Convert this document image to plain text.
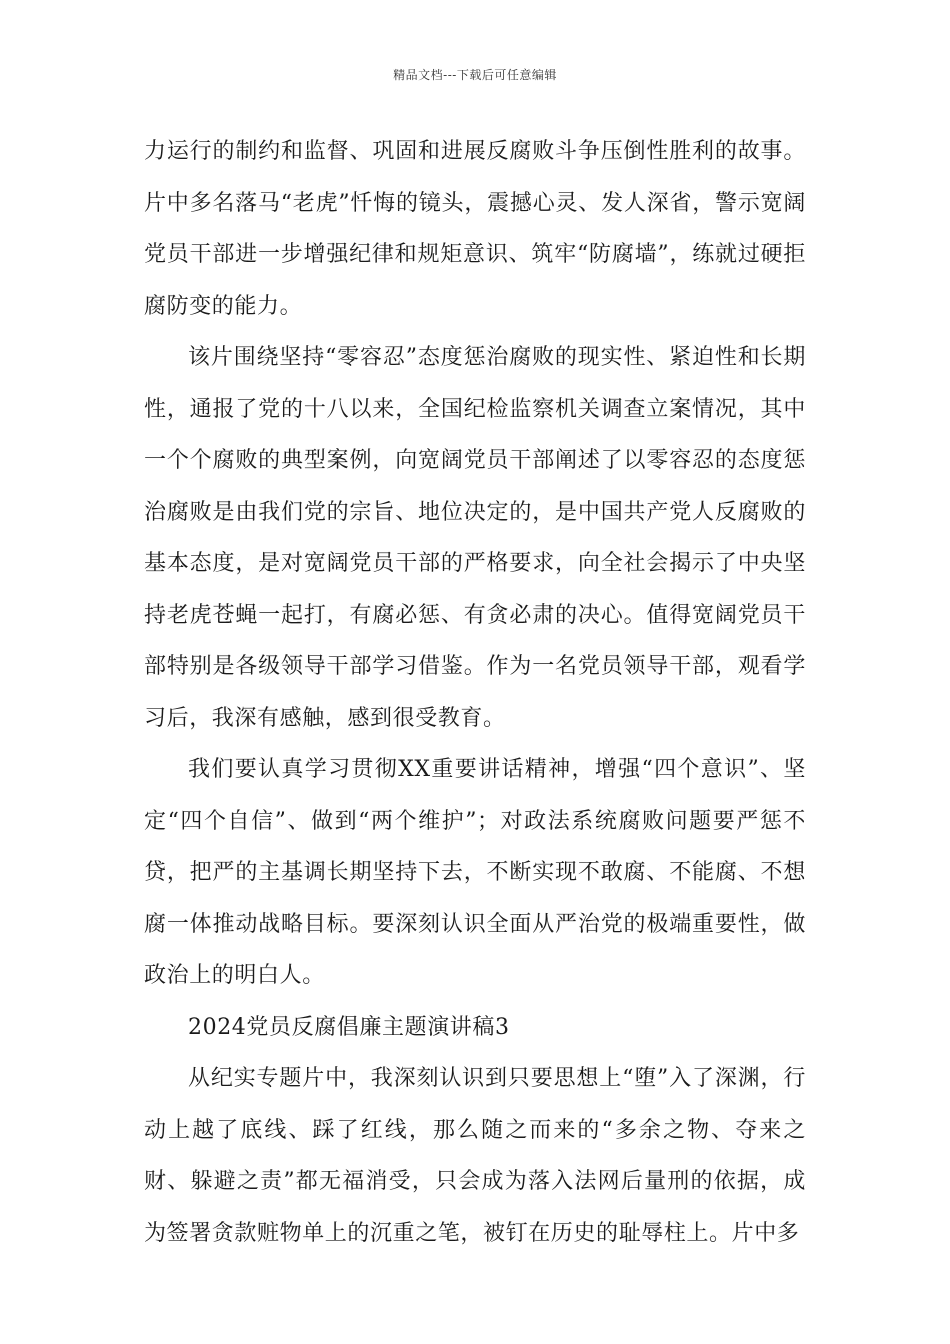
精品文档---下载后可任意编辑

力运行的制约和监督、巩固和进展反腐败斗争压倒性胜利的故事。片中多名落马“老虎”忏悔的镜头，震撼心灵、发人深省，警示宽阔党员干部进一步增强纪律和规矩意识、筑牢“防腐墙”，练就过硬拒腐防变的能力。

该片围绕坚持“零容忍”态度惩治腐败的现实性、紧迫性和长期性，通报了党的十八以来，全国纪检监察机关调查立案情况，其中一个个腐败的典型案例，向宽阔党员干部阐述了以零容忍的态度惩治腐败是由我们党的宗旨、地位决定的，是中国共产党人反腐败的基本态度，是对宽阔党员干部的严格要求，向全社会揭示了中央坚持老虎苍蝇一起打，有腐必惩、有贪必肃的决心。值得宽阔党员干部特别是各级领导干部学习借鉴。作为一名党员领导干部，观看学习后，我深有感触，感到很受教育。

我们要认真学习贯彻XX重要讲话精神，增强“四个意识”、坚定“四个自信”、做到“两个维护”；对政法系统腐败问题要严惩不贷，把严的主基调长期坚持下去，不断实现不敢腐、不能腐、不想腐一体推动战略目标。要深刻认识全面从严治党的极端重要性，做政治上的明白人。

2024党员反腐倡廉主题演讲稿3

从纪实专题片中，我深刻认识到只要思想上“堕”入了深渊，行动上越了底线、踩了红线，那么随之而来的“多余之物、夺来之财、躲避之责”都无福消受，只会成为落入法网后量刑的依据，成为签署贪款赃物单上的沉重之笔，被钉在历史的耻辱柱上。片中多
